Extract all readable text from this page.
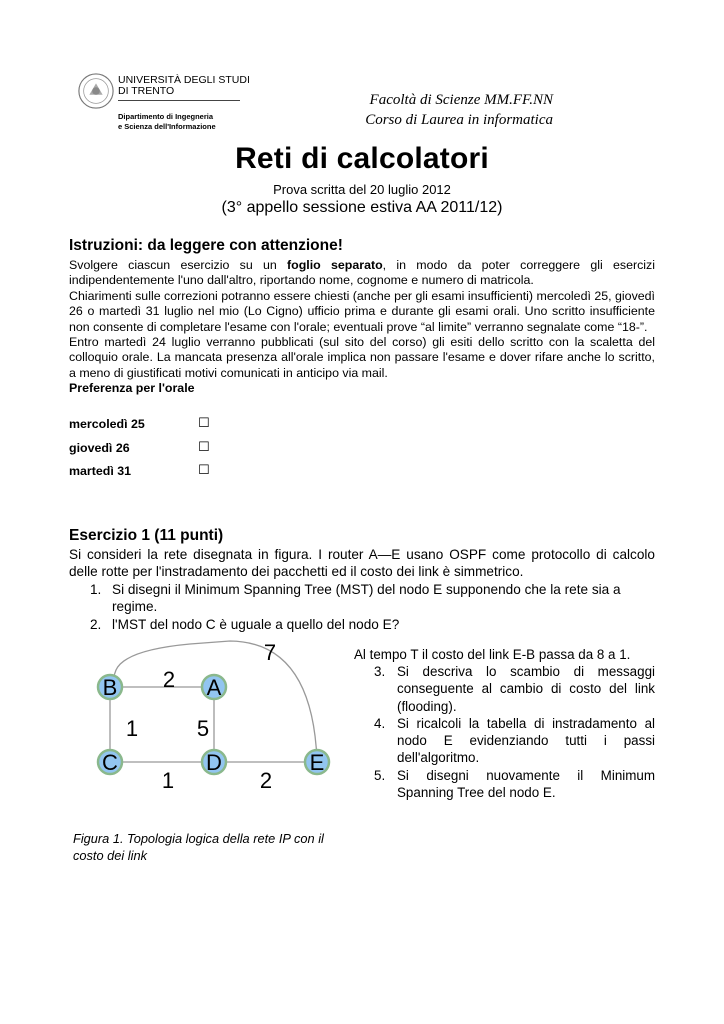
UNIVERSITÀ DEGLI STUDI
DI TRENTO
Dipartimento di Ingegneria
e Scienza dell'Informazione
Facoltà di Scienze MM.FF.NN
Corso di Laurea in informatica
Reti di calcolatori
Prova scritta del 20 luglio 2012
(3° appello sessione estiva AA 2011/12)
Istruzioni: da leggere con attenzione!
Svolgere ciascun esercizio su un foglio separato, in modo da poter correggere gli esercizi indipendentemente l'uno dall'altro, riportando nome, cognome e numero di matricola.
Chiarimenti sulle correzioni potranno essere chiesti (anche per gli esami insufficienti) mercoledì 25, giovedì 26 o martedì 31 luglio nel mio (Lo Cigno) ufficio prima e durante gli esami orali. Uno scritto insufficiente non consente di completare l'esame con l'orale; eventuali prove “al limite” verranno segnalate come “18-”.
Entro martedì 24 luglio verranno pubblicati (sul sito del corso) gli esiti dello scritto con la scaletta del colloquio orale. La mancata presenza all'orale implica non passare l'esame e dover rifare anche lo scritto, a meno di giustificati motivi comunicati in anticipo via mail.
Preferenza per l'orale
mercoledì 25	☐
giovedì 26	☐
martedì 31	☐
Esercizio 1 (11 punti)
Si consideri la rete disegnata in figura. I router A—E usano OSPF come protocollo di calcolo delle rotte per l'instradamento dei pacchetti ed il costo dei link è simmetrico.
1. Si disegni il Minimum Spanning Tree (MST) del nodo E supponendo che la rete sia a regime.
2. l'MST del nodo C è uguale a quello del nodo E?
Al tempo T il costo del link E-B passa da 8 a 1.
3. Si descriva lo scambio di messaggi conseguente al cambio di costo del link (flooding).
4. Si ricalcoli la tabella di instradamento al nodo E evidenziando tutti i passi dell'algoritmo.
5. Si disegni nuovamente il Minimum Spanning Tree del nodo E.
7
2
1	5
1	2
B	A
C	D	E
Figura 1. Topologia logica della rete IP con il costo dei link
